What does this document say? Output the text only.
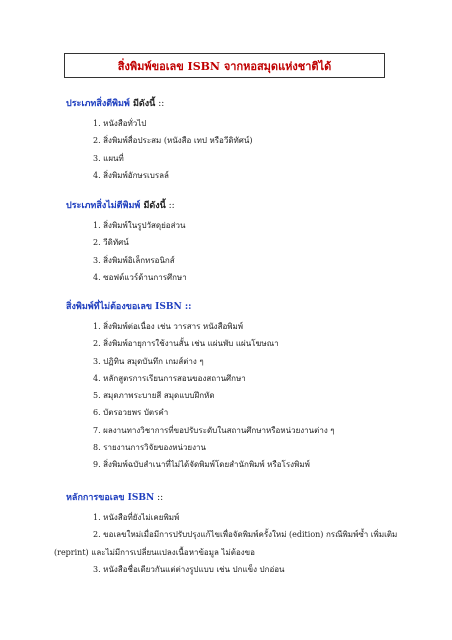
สิ่งพิมพ์ขอเลข ISBN จากหอสมุดแห่งชาติได้
ประเภทสิ่งตีพิมพ์ มีดังนี้ ::
1. หนังสือทั่วไป
2. สิ่งพิมพ์สื่อประสม (หนังสือ เทป หรือวีดิทัศน์)
3. แผนที่
4. สิ่งพิมพ์อักษรเบรลล์
ประเภทสิ่งไม่ตีพิมพ์ มีดังนี้ ::
1. สิ่งพิมพ์ในรูปวัสดุย่อส่วน
2. วีดิทัศน์
3. สิ่งพิมพ์อิเล็กทรอนิกส์
4. ซอฟต์แวร์ด้านการศึกษา
สิ่งพิมพ์ที่ไม่ต้องขอเลข ISBN ::
1. สิ่งพิมพ์ต่อเนื่อง เช่น วารสาร หนังสือพิมพ์
2. สิ่งพิมพ์อายุการใช้งานสั้น เช่น แผ่นพับ แผ่นโฆษณา
3. ปฏิทิน สมุดบันทึก เกมส์ต่าง ๆ
4. หลักสูตรการเรียนการสอนของสถานศึกษา
5. สมุดภาพระบายสี สมุดแบบฝึกหัด
6. บัตรอวยพร บัตรคำ
7. ผลงานทางวิชาการที่ขอปรับระดับในสถานศึกษาหรือหน่วยงานต่าง ๆ
8. รายงานการวิจัยของหน่วยงาน
9. สิ่งพิมพ์ฉบับสำเนาที่ไม่ได้จัดพิมพ์โดยสำนักพิมพ์ หรือโรงพิมพ์
หลักการขอเลข ISBN ::
1. หนังสือที่ยังไม่เคยพิมพ์
2. ขอเลขใหม่เมื่อมีการปรับปรุงแก้ไขเพื่อจัดพิมพ์ครั้งใหม่ (edition) กรณีพิมพ์ซ้ำ เพิ่มเติม
(reprint) และไม่มีการเปลี่ยนแปลงเนื้อหาข้อมูล ไม่ต้องขอ
3. หนังสือชื่อเดียวกันแต่ต่างรูปแบบ เช่น ปกแข็ง ปกอ่อน
